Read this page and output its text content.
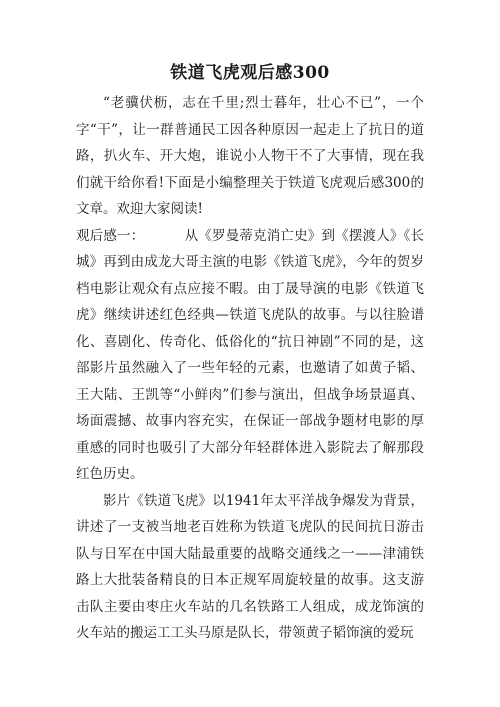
铁道飞虎观后感300

“老骥伏枥，志在千里;烈士暮年，壮心不已”，一个字“干”，让一群普通民工因各种原因一起走上了抗日的道路，扒火车、开大炮，谁说小人物干不了大事情，现在我们就干给你看!下面是小编整理关于铁道飞虎观后感300的文章。欢迎大家阅读!

观后感一：	从《罗曼蒂克消亡史》到《摆渡人》《长城》再到由成龙大哥主演的电影《铁道飞虎》，今年的贺岁档电影让观众有点应接不暇。由丁晟导演的电影《铁道飞虎》继续讲述红色经典—铁道飞虎队的故事。与以往脸谱化、喜剧化、传奇化、低俗化的“抗日神剧”不同的是，这部影片虽然融入了一些年轻的元素，也邀请了如黄子韬、王大陆、王凯等“小鲜肉”们参与演出，但战争场景逼真、场面震撼、故事内容充实，在保证一部战争题材电影的厚重感的同时也吸引了大部分年轻群体进入影院去了解那段红色历史。

影片《铁道飞虎》以1941年太平洋战争爆发为背景，讲述了一支被当地老百姓称为铁道飞虎队的民间抗日游击队与日军在中国大陆最重要的战略交通线之一——津浦铁路上大批装备精良的日本正规军周旋较量的故事。这支游击队主要由枣庄火车站的几名铁路工人组成，成龙饰演的火车站的搬运工工头马原是队长，带领黄子韬饰演的爱玩
